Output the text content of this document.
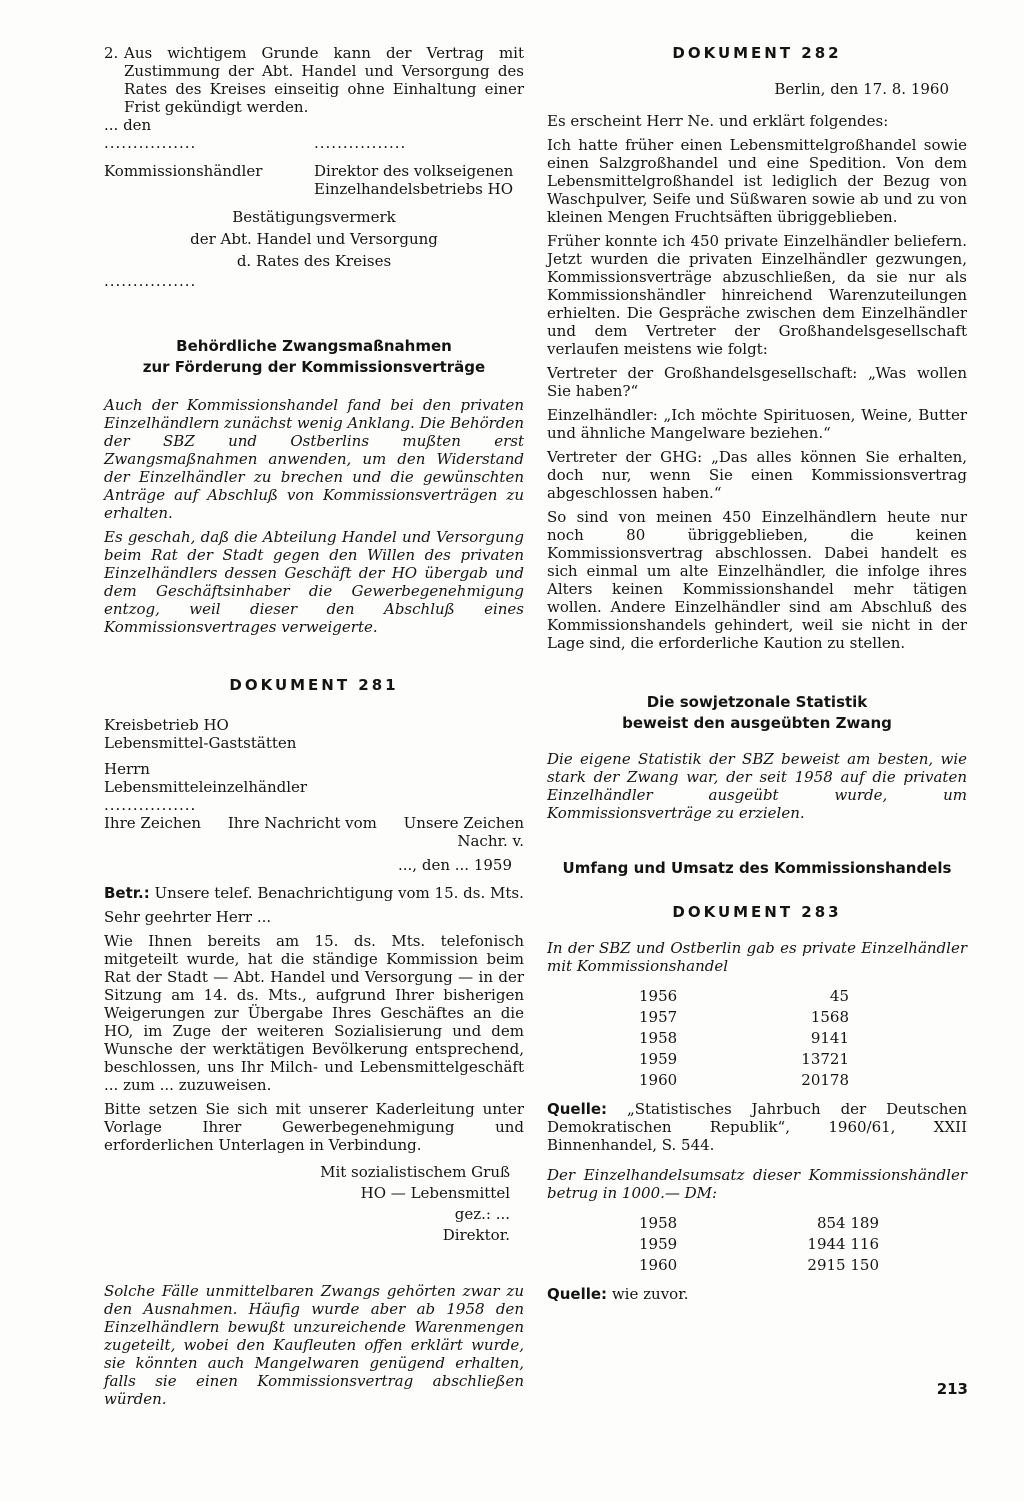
2. Aus wichtigem Grunde kann der Vertrag mit Zustimmung der Abt. Handel und Versorgung des Rates des Kreises einseitig ohne Einhaltung einer Frist gekündigt werden.
... den
................	................
Kommissionshändler	Direktor des volkseigenen
Einzelhandelsbetriebs HO
Bestätigungsvermerk
der Abt. Handel und Versorgung
d. Rates des Kreises
................
Behördliche Zwangsmaßnahmen
zur Förderung der Kommissionsverträge

Auch der Kommissionshandel fand bei den privaten Einzelhändlern zunächst wenig Anklang. Die Behörden der SBZ und Ostberlins mußten erst Zwangsmaßnahmen anwenden, um den Widerstand der Einzelhändler zu brechen und die gewünschten Anträge auf Abschluß von Kommissionsverträgen zu erhalten.

Es geschah, daß die Abteilung Handel und Versorgung beim Rat der Stadt gegen den Willen des privaten Einzelhändlers dessen Geschäft der HO übergab und dem Geschäftsinhaber die Gewerbegenehmigung entzog, weil dieser den Abschluß eines Kommissionsvertrages verweigerte.

DOKUMENT 281
Kreisbetrieb HO
Lebensmittel-Gaststätten
Herrn
Lebensmitteleinzelhändler
................
Ihre Zeichen Ihre Nachricht vom Unsere Zeichen
Nachr. v.
..., den ... 1959

Betr.: Unsere telef. Benachrichtigung vom 15. ds. Mts.

Sehr geehrter Herr ...

Wie Ihnen bereits am 15. ds. Mts. telefonisch mitgeteilt wurde, hat die ständige Kommission beim Rat der Stadt — Abt. Handel und Versorgung — in der Sitzung am 14. ds. Mts., aufgrund Ihrer bisherigen Weigerungen zur Übergabe Ihres Geschäftes an die HO, im Zuge der weiteren Sozialisierung und dem Wunsche der werktätigen Bevölkerung entsprechend, beschlossen, uns Ihr Milch- und Lebensmittelgeschäft ... zum ... zuzuweisen.

Bitte setzen Sie sich mit unserer Kaderleitung unter Vorlage Ihrer Gewerbegenehmigung und erforderlichen Unterlagen in Verbindung.

Mit sozialistischem Gruß
HO — Lebensmittel
gez.: ...
Direktor.

Solche Fälle unmittelbaren Zwangs gehörten zwar zu den Ausnahmen. Häufig wurde aber ab 1958 den Einzelhändlern bewußt unzureichende Warenmengen zugeteilt, wobei den Kaufleuten offen erklärt wurde, sie könnten auch Mangelwaren genügend erhalten, falls sie einen Kommissionsvertrag abschließen würden.

DOKUMENT 282
Berlin, den 17. 8. 1960

Es erscheint Herr Ne. und erklärt folgendes:

Ich hatte früher einen Lebensmittelgroßhandel sowie einen Salzgroßhandel und eine Spedition. Von dem Lebensmittelgroßhandel ist lediglich der Bezug von Waschpulver, Seife und Süßwaren sowie ab und zu von kleinen Mengen Fruchtsäften übriggeblieben.

Früher konnte ich 450 private Einzelhändler beliefern. Jetzt wurden die privaten Einzelhändler gezwungen, Kommissionsverträge abzuschließen, da sie nur als Kommissionshändler hinreichend Warenzuteilungen erhielten. Die Gespräche zwischen dem Einzelhändler und dem Vertreter der Großhandelsgesellschaft verlaufen meistens wie folgt:

Vertreter der Großhandelsgesellschaft: „Was wollen Sie haben?“

Einzelhändler: „Ich möchte Spirituosen, Weine, Butter und ähnliche Mangelware beziehen.“

Vertreter der GHG: „Das alles können Sie erhalten, doch nur, wenn Sie einen Kommissionsvertrag abgeschlossen haben.“

So sind von meinen 450 Einzelhändlern heute nur noch 80 übriggeblieben, die keinen Kommissionsvertrag abschlossen. Dabei handelt es sich einmal um alte Einzelhändler, die infolge ihres Alters keinen Kommissionshandel mehr tätigen wollen. Andere Einzelhändler sind am Abschluß des Kommissionshandels gehindert, weil sie nicht in der Lage sind, die erforderliche Kaution zu stellen.

Die sowjetzonale Statistik
beweist den ausgeübten Zwang

Die eigene Statistik der SBZ beweist am besten, wie stark der Zwang war, der seit 1958 auf die privaten Einzelhändler ausgeübt wurde, um Kommissionsverträge zu erzielen.

Umfang und Umsatz des Kommissionshandels
DOKUMENT 283

In der SBZ und Ostberlin gab es private Einzelhändler mit Kommissionshandel

1956	45
1957	1568
1958	9141
1959	13721
1960	20178

Quelle: „Statistisches Jahrbuch der Deutschen Demokratischen Republik“, 1960/61, XXII Binnenhandel, S. 544.

Der Einzelhandelsumsatz dieser Kommissionshändler betrug in 1000.— DM:

1958	854 189
1959	1944 116
1960	2915 150

Quelle: wie zuvor.

213
